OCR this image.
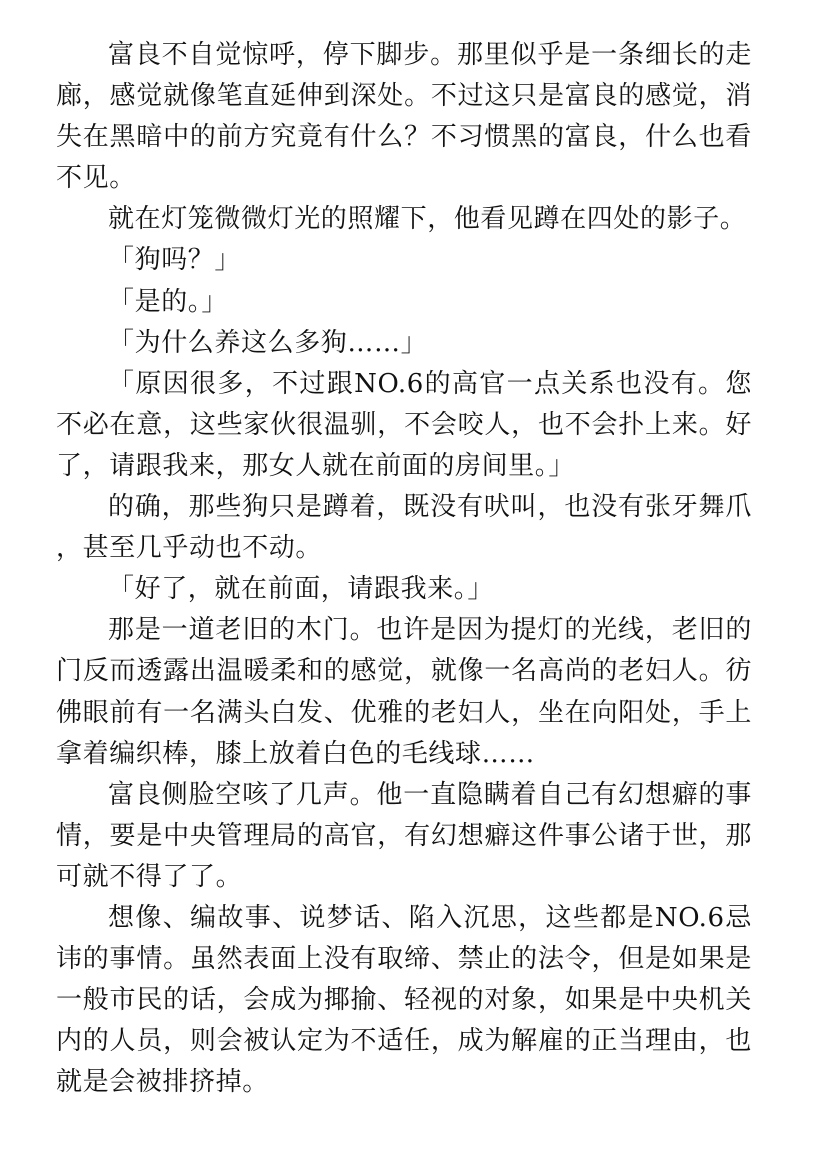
富良不自觉惊呼，停下脚步。那里似乎是一条细长的走廊，感觉就像笔直延伸到深处。不过这只是富良的感觉，消失在黑暗中的前方究竟有什么？不习惯黑的富良，什么也看不见。

就在灯笼微微灯光的照耀下，他看见蹲在四处的影子。

「狗吗？」

「是的。」

「为什么养这么多狗……」

「原因很多，不过跟NO.6的高官一点关系也没有。您不必在意，这些家伙很温驯，不会咬人，也不会扑上来。好了，请跟我来，那女人就在前面的房间里。」

的确，那些狗只是蹲着，既没有吠叫，也没有张牙舞爪，甚至几乎动也不动。

「好了，就在前面，请跟我来。」

那是一道老旧的木门。也许是因为提灯的光线，老旧的门反而透露出温暖柔和的感觉，就像一名高尚的老妇人。彷佛眼前有一名满头白发、优雅的老妇人，坐在向阳处，手上拿着编织棒，膝上放着白色的毛线球……

富良侧脸空咳了几声。他一直隐瞒着自己有幻想癖的事情，要是中央管理局的高官，有幻想癖这件事公诸于世，那可就不得了了。

想像、编故事、说梦话、陷入沉思，这些都是NO.6忌讳的事情。虽然表面上没有取缔、禁止的法令，但是如果是一般市民的话，会成为揶揄、轻视的对象，如果是中央机关内的人员，则会被认定为不适任，成为解雇的正当理由，也就是会被排挤掉。
